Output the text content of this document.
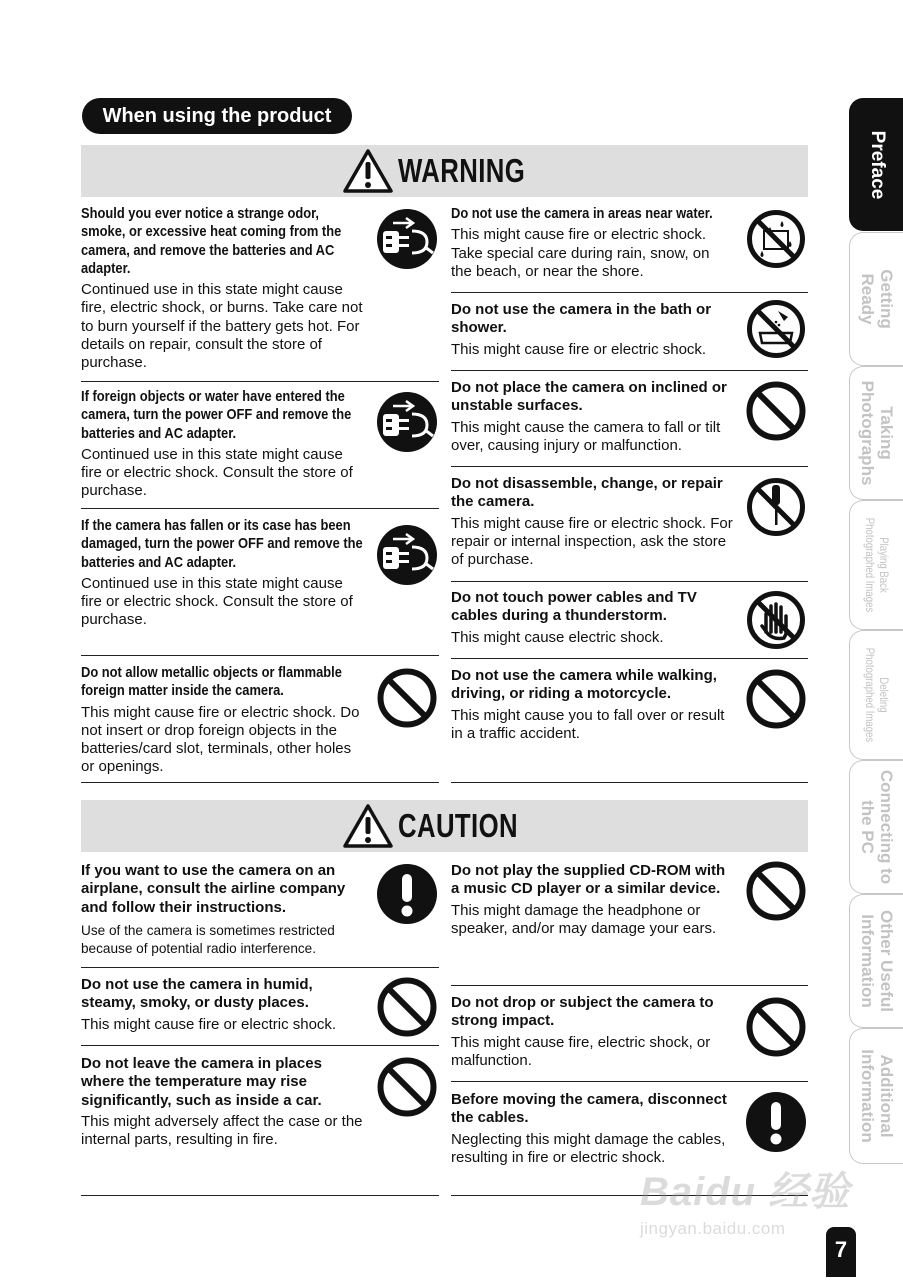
When using the product
WARNING
Should you ever notice a strange odor, smoke, or excessive heat coming from the camera, and remove the batteries and AC adapter.
Continued use in this state might cause fire, electric shock, or burns. Take care not to burn yourself if the battery gets hot. For details on repair, consult the store of purchase.
If foreign objects or water have entered the camera, turn the power OFF and remove the batteries and AC adapter.
Continued use in this state might cause fire or electric shock. Consult the store of purchase.
If the camera has fallen or its case has been damaged, turn the power OFF and remove the batteries and AC adapter.
Continued use in this state might cause fire or electric shock. Consult the store of purchase.
Do not allow metallic objects or flammable foreign matter inside the camera.
This might cause fire or electric shock. Do not insert or drop foreign objects in the batteries/card slot, terminals, other holes or openings.
Do not use the camera in areas near water.
This might cause fire or electric shock. Take special care during rain, snow, on the beach, or near the shore.
Do not use the camera in the bath or shower.
This might cause fire or electric shock.
Do not place the camera on inclined or unstable surfaces.
This might cause the camera to fall or tilt over, causing injury or malfunction.
Do not disassemble, change, or repair the camera.
This might cause fire or electric shock. For repair or internal inspection, ask the store of purchase.
Do not touch power cables and TV cables during a thunderstorm.
This might cause electric shock.
Do not use the camera while walking, driving, or riding a motorcycle.
This might cause you to fall over or result in a traffic accident.
CAUTION
If you want to use the camera on an airplane, consult the airline company and follow their instructions.
Use of the camera is sometimes restricted because of potential radio interference.
Do not use the camera in humid, steamy, smoky, or dusty places.
This might cause fire or electric shock.
Do not leave the camera in places where the temperature may rise significantly, such as inside a car.
This might adversely affect the case or the internal parts, resulting in fire.
Do not play the supplied CD-ROM with a music CD player or a similar device.
This might damage the headphone or speaker, and/or may damage your ears.
Do not drop or subject the camera to strong impact.
This might cause fire, electric shock, or malfunction.
Before moving the camera, disconnect the cables.
Neglecting this might damage the cables, resulting in fire or electric shock.
Preface
Getting
Ready
Taking
Photographs
Playing Back
Photographed Images
Deleting
Photographed Images
Connecting to
the PC
Other Useful
Information
Additional
Information
Baidu 经验
jingyan.baidu.com
7
